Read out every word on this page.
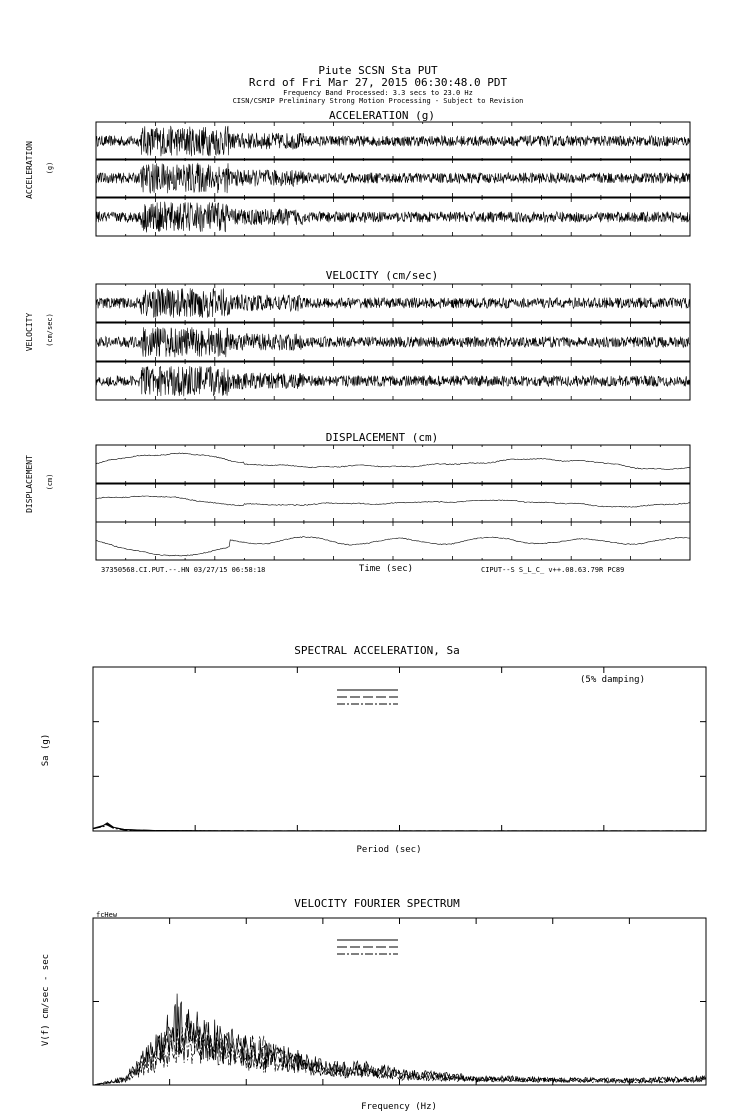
Piute SCSN Sta PUT
Rcrd of Fri Mar 27, 2015 06:30:48.0 PDT
Frequency Band Processed: 3.3 secs to 23.0 Hz
CISN/CSMIP Preliminary Strong Motion Processing - Subject to Revision
ACCELERATION (g)
VELOCITY (cm/sec)
DISPLACEMENT (cm)
ACCELERATION (g)
VELOCITY (cm/sec)
DISPLACEMENT (cm)
Time (sec)
37350568.CI.PUT.--.HN 03/27/15 06:58:18	CIPUT--S S_L_C_ v++.08.63.79R PC89
SPECTRAL ACCELERATION, Sa
Period (sec)
Sa (g)
(5% damping)
VELOCITY FOURIER SPECTRUM
Frequency (Hz)
V(f) cm/sec - sec
fcHew
